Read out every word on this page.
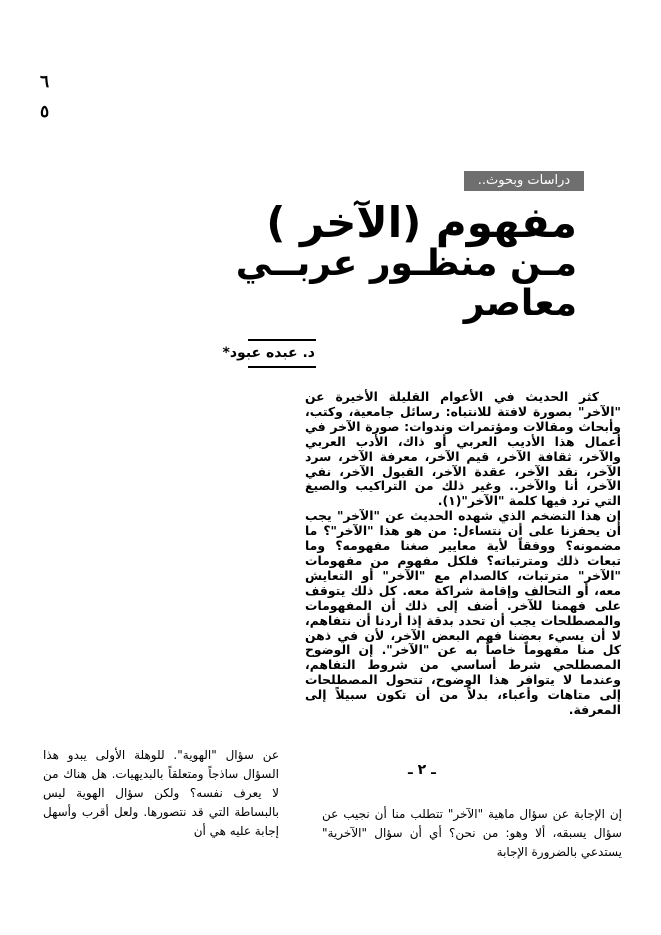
٦
٥
دراسات وبحوث..
مفهوم (الآخر )
مـن منظـور عربــي
معاصر
د. عبده عبود*

كثر الحديث في الأعوام القليلة الأخيرة عن "الآخر" بصورة لافتة للانتباه: رسائل جامعية، وكتب، وأبحاث ومقالات ومؤتمرات وندوات: صورة الآخر في أعمال هذا الأديب العربي أو ذاك، الأدب العربي والآخر، ثقافة الآخر، قيم الآخر، معرفة الآخر، سرد الآخر، نقد الآخر، عقدة الآخر، القبول الآخر، نفي الآخر، أنا والآخر.. وغير ذلك من التراكيب والصيغ التي ترد فيها كلمة "الآخر"(١).

إن هذا التضخم الذي شهده الحديث عن "الآخر" يجب أن يحفزنا على أن نتساءل: من هو هذا "الآخر"؟ ما مضمونه؟ ووفقاً لأية معايير صغنا مفهومه؟ وما تبعات ذلك ومترتباته؟ فلكل مفهوم من مفهومات "الآخر" مترتبات، كالصدام مع "الآخر" أو التعايش معه، أو التحالف وإقامة شراكة معه. كل ذلك يتوقف على فهمنا للآخر. أضف إلى ذلك أن المفهومات والمصطلحات يجب أن تحدد بدقة إذا أردنا أن نتفاهم، لا أن يسيء بعضنا فهم البعض الآخر، لأن في ذهن كل منا مفهوماً خاصاً به عن "الآخر". إن الوضوح المصطلحي شرط أساسي من شروط التفاهم، وعندما لا يتوافر هذا الوضوح، تتحول المصطلحات إلى متاهات وأعباء، بدلاً من أن تكون سبيلاً إلى المعرفة.

عن سؤال "الهوية". للوهلة الأولى يبدو هذا السؤال ساذجاً ومتعلقاً بالبديهيات. هل هناك من لا يعرف نفسه؟ ولكن سؤال الهوية ليس بالبساطة التي قد نتصورها. ولعل أقرب وأسهل إجابة عليه هي أن

ـ ٢ ـ

إن الإجابة عن سؤال ماهية "الآخر" تتطلب منا أن نجيب عن سؤال يسبقه، ألا وهو: من نحن؟ أي أن سؤال "الآخرية" يستدعي بالضرورة الإجابة
